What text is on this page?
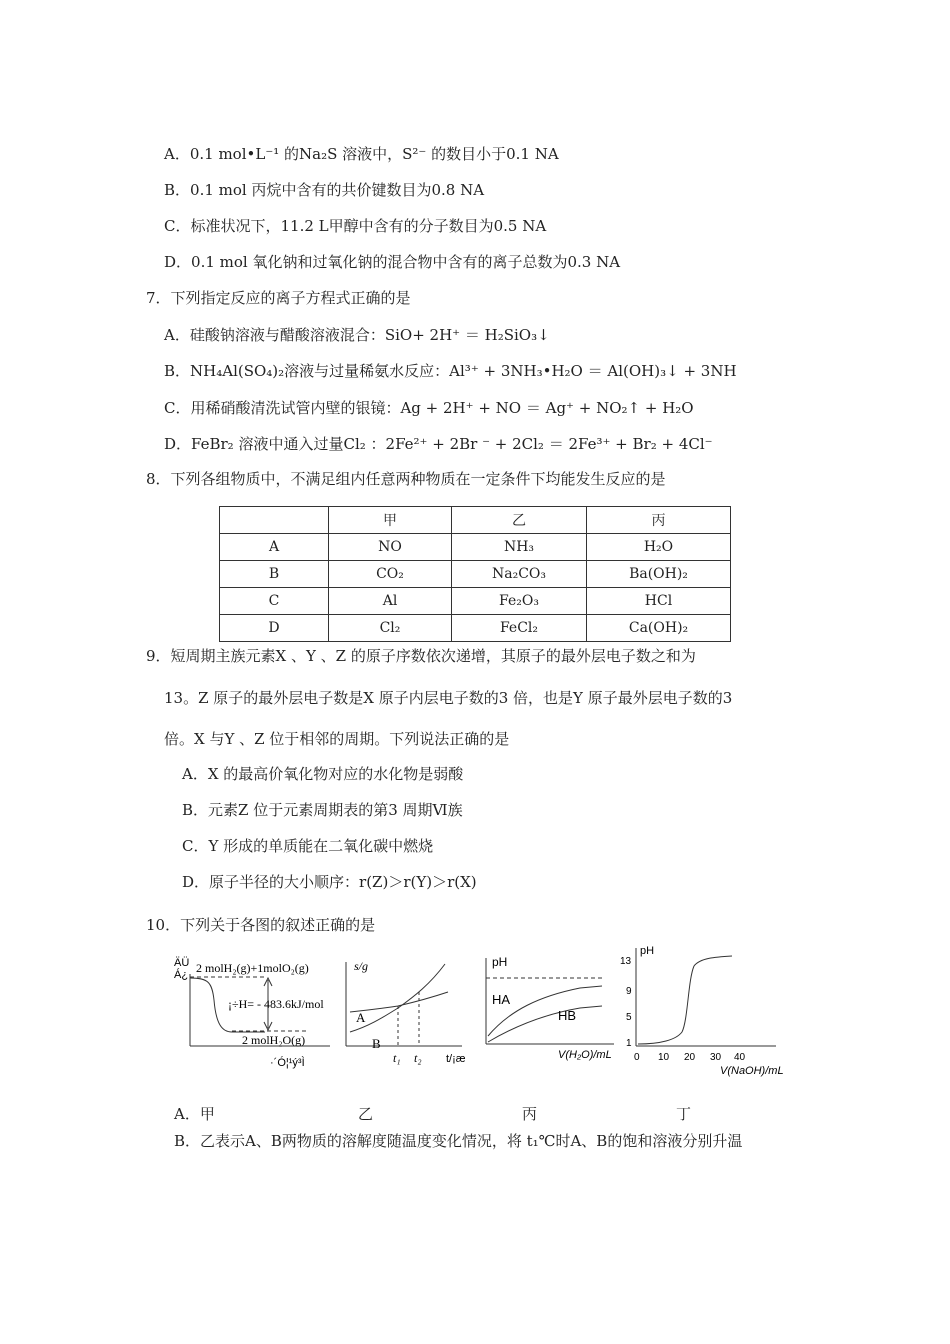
A．0.1 mol•L⁻¹ 的Na₂S 溶液中，S²⁻ 的数目小于0.1 NA
B．0.1 mol 丙烷中含有的共价键数目为0.8 NA
C．标准状况下，11.2 L甲醇中含有的分子数目为0.5 NA
D．0.1 mol 氧化钠和过氧化钠的混合物中含有的离子总数为0.3 NA
7．下列指定反应的离子方程式正确的是
A．硅酸钠溶液与醋酸溶液混合：SiO+ 2H⁺ ＝ H₂SiO₃↓
B．NH₄Al(SO₄)₂溶液与过量稀氨水反应：Al³⁺ + 3NH₃•H₂O ＝ Al(OH)₃↓ + 3NH
C．用稀硝酸清洗试管内壁的银镜：Ag + 2H⁺ + NO ＝ Ag⁺ + NO₂↑ + H₂O
D．FeBr₂ 溶液中通入过量Cl₂ ：2Fe²⁺ + 2Br ⁻ + 2Cl₂ ＝ 2Fe³⁺ + Br₂ + 4Cl⁻
8．下列各组物质中，不满足组内任意两种物质在一定条件下均能发生反应的是
	甲	乙	丙
A	NO	NH₃	H₂O
B	CO₂	Na₂CO₃	Ba(OH)₂
C	Al	Fe₂O₃	HCl
D	Cl₂	FeCl₂	Ca(OH)₂
9．短周期主族元素X 、Y 、Z 的原子序数依次递增，其原子的最外层电子数之和为
13。Z 原子的最外层电子数是X 原子内层电子数的3 倍，也是Y 原子最外层电子数的3
倍。X 与Y 、Z 位于相邻的周期。下列说法正确的是
A．X 的最高价氧化物对应的水化物是弱酸
B．元素Z 位于元素周期表的第3 周期Ⅵ族
C．Y 形成的单质能在二氧化碳中燃烧
D．原子半径的大小顺序：r(Z)＞r(Y)＞r(X)
10．下列关于各图的叙述正确的是
ÄÜ
Á¿ 2 molH₂(g)+1molO₂(g)
¡÷H= - 483.6kJ/mol
2 molH₂O(g)
·´Ó¦¹ý³Ì
s/g
A
B
t₁ t₂ t/¡æ
pH
HA
HB
V(H₂O)/mL
pH
13
9
5
1
0 10 20 30 40
V(NaOH)/mL
A．甲	乙	丙	丁
B．乙表示A、B两物质的溶解度随温度变化情况，将 t₁℃时A、B的饱和溶液分别升温
